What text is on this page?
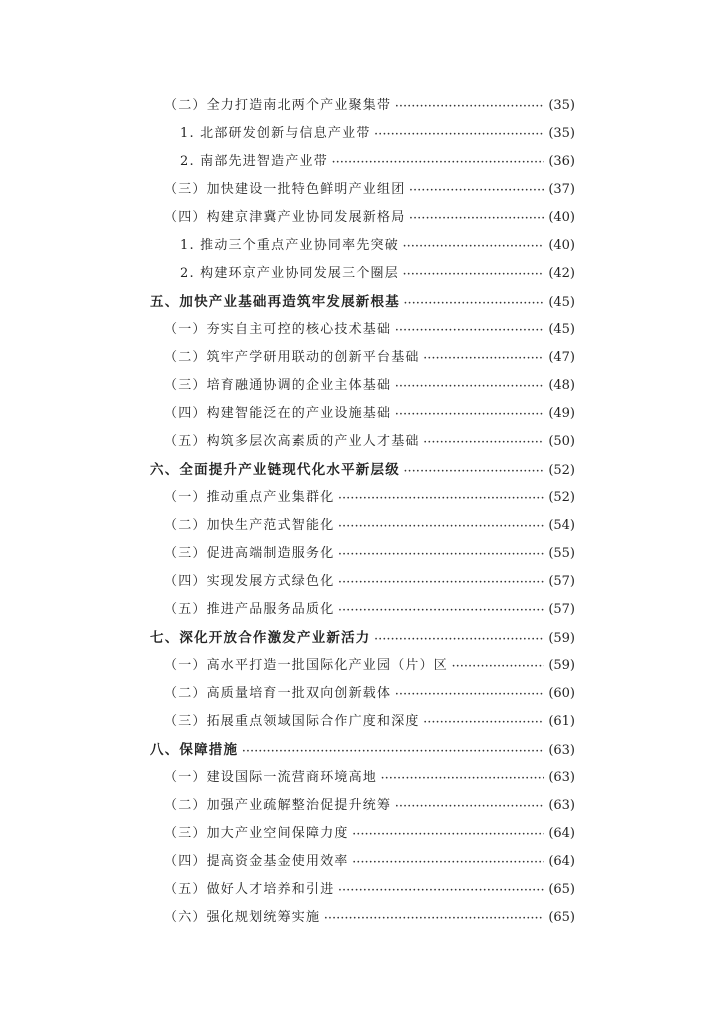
（二）全力打造南北两个产业聚集带 ·····	(35)
1. 北部研发创新与信息产业带 ·····	(35)
2. 南部先进智造产业带 ·····	(36)
（三）加快建设一批特色鲜明产业组团 ·····	(37)
（四）构建京津冀产业协同发展新格局 ·····	(40)
1. 推动三个重点产业协同率先突破 ·····	(40)
2. 构建环京产业协同发展三个圈层 ·····	(42)
五、加快产业基础再造筑牢发展新根基 ·····	(45)
（一）夯实自主可控的核心技术基础 ·····	(45)
（二）筑牢产学研用联动的创新平台基础 ·····	(47)
（三）培育融通协调的企业主体基础 ·····	(48)
（四）构建智能泛在的产业设施基础 ·····	(49)
（五）构筑多层次高素质的产业人才基础 ·····	(50)
六、全面提升产业链现代化水平新层级 ·····	(52)
（一）推动重点产业集群化 ·····	(52)
（二）加快生产范式智能化 ·····	(54)
（三）促进高端制造服务化 ·····	(55)
（四）实现发展方式绿色化 ·····	(57)
（五）推进产品服务品质化 ·····	(57)
七、深化开放合作激发产业新活力 ·····	(59)
（一）高水平打造一批国际化产业园（片）区 ·····	(59)
（二）高质量培育一批双向创新载体 ·····	(60)
（三）拓展重点领域国际合作广度和深度 ·····	(61)
八、保障措施 ·····	(63)
（一）建设国际一流营商环境高地 ·····	(63)
（二）加强产业疏解整治促提升统筹 ·····	(63)
（三）加大产业空间保障力度 ·····	(64)
（四）提高资金基金使用效率 ·····	(64)
（五）做好人才培养和引进 ·····	(65)
（六）强化规划统筹实施 ·····	(65)
